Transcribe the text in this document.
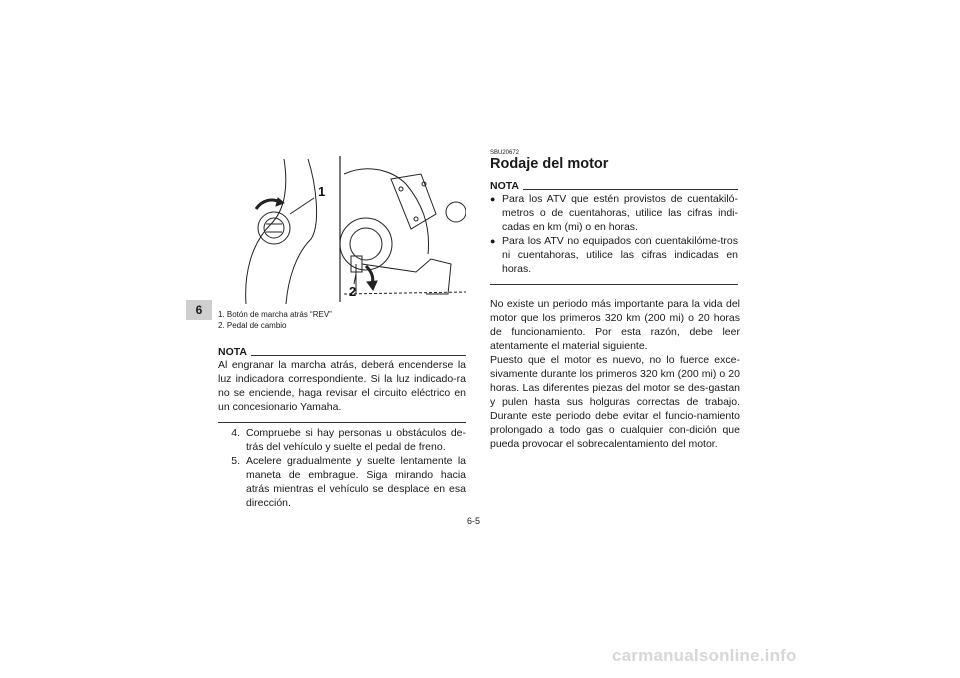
6
1
2
1. Botón de marcha atrás “REV”
2. Pedal de cambio
NOTA
Al engranar la marcha atrás, deberá encenderse la luz indicadora correspondiente. Si la luz indicado-ra no se enciende, haga revisar el circuito eléctrico en un concesionario Yamaha.
4. Compruebe si hay personas u obstáculos de-trás del vehículo y suelte el pedal de freno.
5. Acelere gradualmente y suelte lentamente la maneta de embrague. Siga mirando hacia atrás mientras el vehículo se desplace en esa dirección.
SBU20672
Rodaje del motor
NOTA
● Para los ATV que estén provistos de cuentakiló-metros o de cuentahoras, utilice las cifras indi-cadas en km (mi) o en horas.
● Para los ATV no equipados con cuentakilóme-tros ni cuentahoras, utilice las cifras indicadas en horas.
No existe un periodo más importante para la vida del motor que los primeros 320 km (200 mi) o 20 horas de funcionamiento. Por esta razón, debe leer atentamente el material siguiente.
Puesto que el motor es nuevo, no lo fuerce exce-sivamente durante los primeros 320 km (200 mi) o 20 horas. Las diferentes piezas del motor se des-gastan y pulen hasta sus holguras correctas de trabajo. Durante este periodo debe evitar el funcio-namiento prolongado a todo gas o cualquier con-dición que pueda provocar el sobrecalentamiento del motor.
6-5
carmanualsonline.info
